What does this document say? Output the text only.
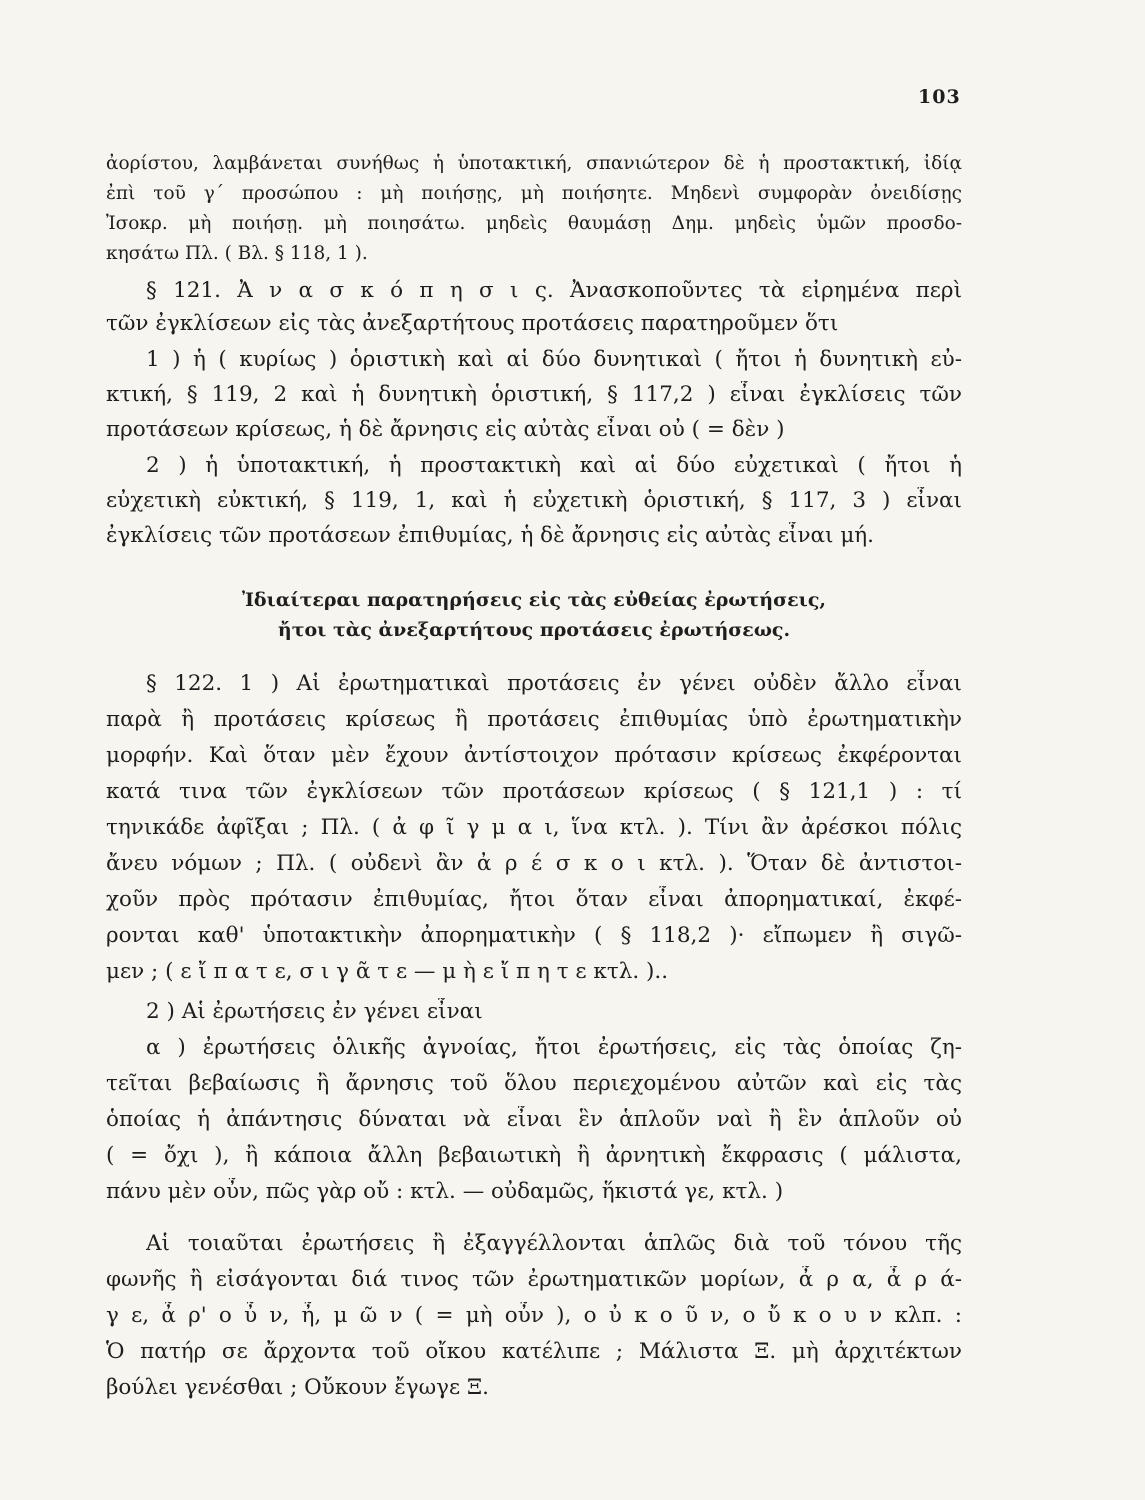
103
ἀορίστου, λαμβάνεται συνήθως ἡ ὑποτακτική, σπανιώτερον δὲ ἡ προστακτική, ἰδίᾳ
ἐπὶ τοῦ γ΄ προσώπου : μὴ ποιήσῃς, μὴ ποιήσητε. Μηδενὶ συμφορὰν ὀνειδίσῃς
Ἰσοκρ. μὴ ποιήσῃ. μὴ ποιησάτω. μηδεὶς θαυμάσῃ Δημ. μηδεὶς ὑμῶν προσδο-
κησάτω Πλ. ( Βλ. § 118, 1 ).
§ 121. Ἀ ν α σ κ ό π η σ ι ς. Ἀνασκοποῦντες τὰ εἰρημένα περὶ
τῶν ἐγκλίσεων εἰς τὰς ἀνεξαρτήτους προτάσεις παρατηροῦμεν ὅτι
1 ) ἡ ( κυρίως ) ὁριστικὴ καὶ αἱ δύο δυνητικαὶ ( ἤτοι ἡ δυνητικὴ εὐ-
κτική, § 119, 2 καὶ ἡ δυνητικὴ ὁριστική, § 117,2 ) εἶναι ἐγκλίσεις τῶν
προτάσεων κρίσεως, ἡ δὲ ἄρνησις εἰς αὐτὰς εἶναι οὐ ( = δὲν )
2 ) ἡ ὑποτακτική, ἡ προστακτικὴ καὶ αἱ δύο εὐχετικαὶ ( ἤτοι ἡ
εὐχετικὴ εὐκτική, § 119, 1, καὶ ἡ εὐχετικὴ ὁριστική, § 117, 3 ) εἶναι
ἐγκλίσεις τῶν προτάσεων ἐπιθυμίας, ἡ δὲ ἄρνησις εἰς αὐτὰς εἶναι μή.
Ἰδιαίτεραι παρατηρήσεις εἰς τὰς εὐθείας ἐρωτήσεις,
ἤτοι τὰς ἀνεξαρτήτους προτάσεις ἐρωτήσεως.
§ 122. 1 ) Αἱ ἐρωτηματικαὶ προτάσεις ἐν γένει οὐδὲν ἄλλο εἶναι
παρὰ ἢ προτάσεις κρίσεως ἢ προτάσεις ἐπιθυμίας ὑπὸ ἐρωτηματικὴν
μορφήν. Καὶ ὅταν μὲν ἔχουν ἀντίστοιχον πρότασιν κρίσεως ἐκφέρονται
κατά τινα τῶν ἐγκλίσεων τῶν προτάσεων κρίσεως ( § 121,1 ) : τί
τηνικάδε ἀφῖξαι ; Πλ. ( ἀ φ ῖ γ μ α ι, ἵνα κτλ. ). Τίνι ἂν ἀρέσκοι πόλις
ἄνευ νόμων ; Πλ. ( οὐδενὶ ἂν ἀ ρ έ σ κ ο ι κτλ. ). Ὅταν δὲ ἀντιστοι-
χοῦν πρὸς πρότασιν ἐπιθυμίας, ἤτοι ὅταν εἶναι ἀπορηματικαί, ἐκφέ-
ρονται καθ' ὑποτακτικὴν ἀπορηματικὴν ( § 118,2 )· εἴπωμεν ἢ σιγῶ-
μεν ; ( ε ἴ π α τ ε, σ ι γ ᾶ τ ε — μ ὴ ε ἴ π η τ ε κτλ. )..
2 ) Αἱ ἐρωτήσεις ἐν γένει εἶναι
α ) ἐρωτήσεις ὁλικῆς ἀγνοίας, ἤτοι ἐρωτήσεις, εἰς τὰς ὁποίας ζη-
τεῖται βεβαίωσις ἢ ἄρνησις τοῦ ὅλου περιεχομένου αὐτῶν καὶ εἰς τὰς
ὁποίας ἡ ἀπάντησις δύναται νὰ εἶναι ἓν ἁπλοῦν ναὶ ἢ ἓν ἁπλοῦν οὐ
( = ὄχι ), ἢ κάποια ἄλλη βεβαιωτικὴ ἢ ἀρνητικὴ ἔκφρασις ( μάλιστα,
πάνυ μὲν οὖν, πῶς γὰρ οὔ : κτλ. — οὐδαμῶς, ἥκιστά γε, κτλ. )
Αἱ τοιαῦται ἐρωτήσεις ἢ ἐξαγγέλλονται ἁπλῶς διὰ τοῦ τόνου τῆς
φωνῆς ἢ εἰσάγονται διά τινος τῶν ἐρωτηματικῶν μορίων, ἆ ρ α, ἆ ρ ά-
γ ε, ἆ ρ' ο ὖ ν, ἦ, μ ῶ ν ( = μὴ οὖν ), ο ὐ κ ο ῦ ν, ο ὔ κ ο υ ν κλπ. :
Ὁ πατήρ σε ἄρχοντα τοῦ οἴκου κατέλιπε ; Μάλιστα Ξ. μὴ ἀρχιτέκτων
βούλει γενέσθαι ; Οὔκουν ἔγωγε Ξ.
